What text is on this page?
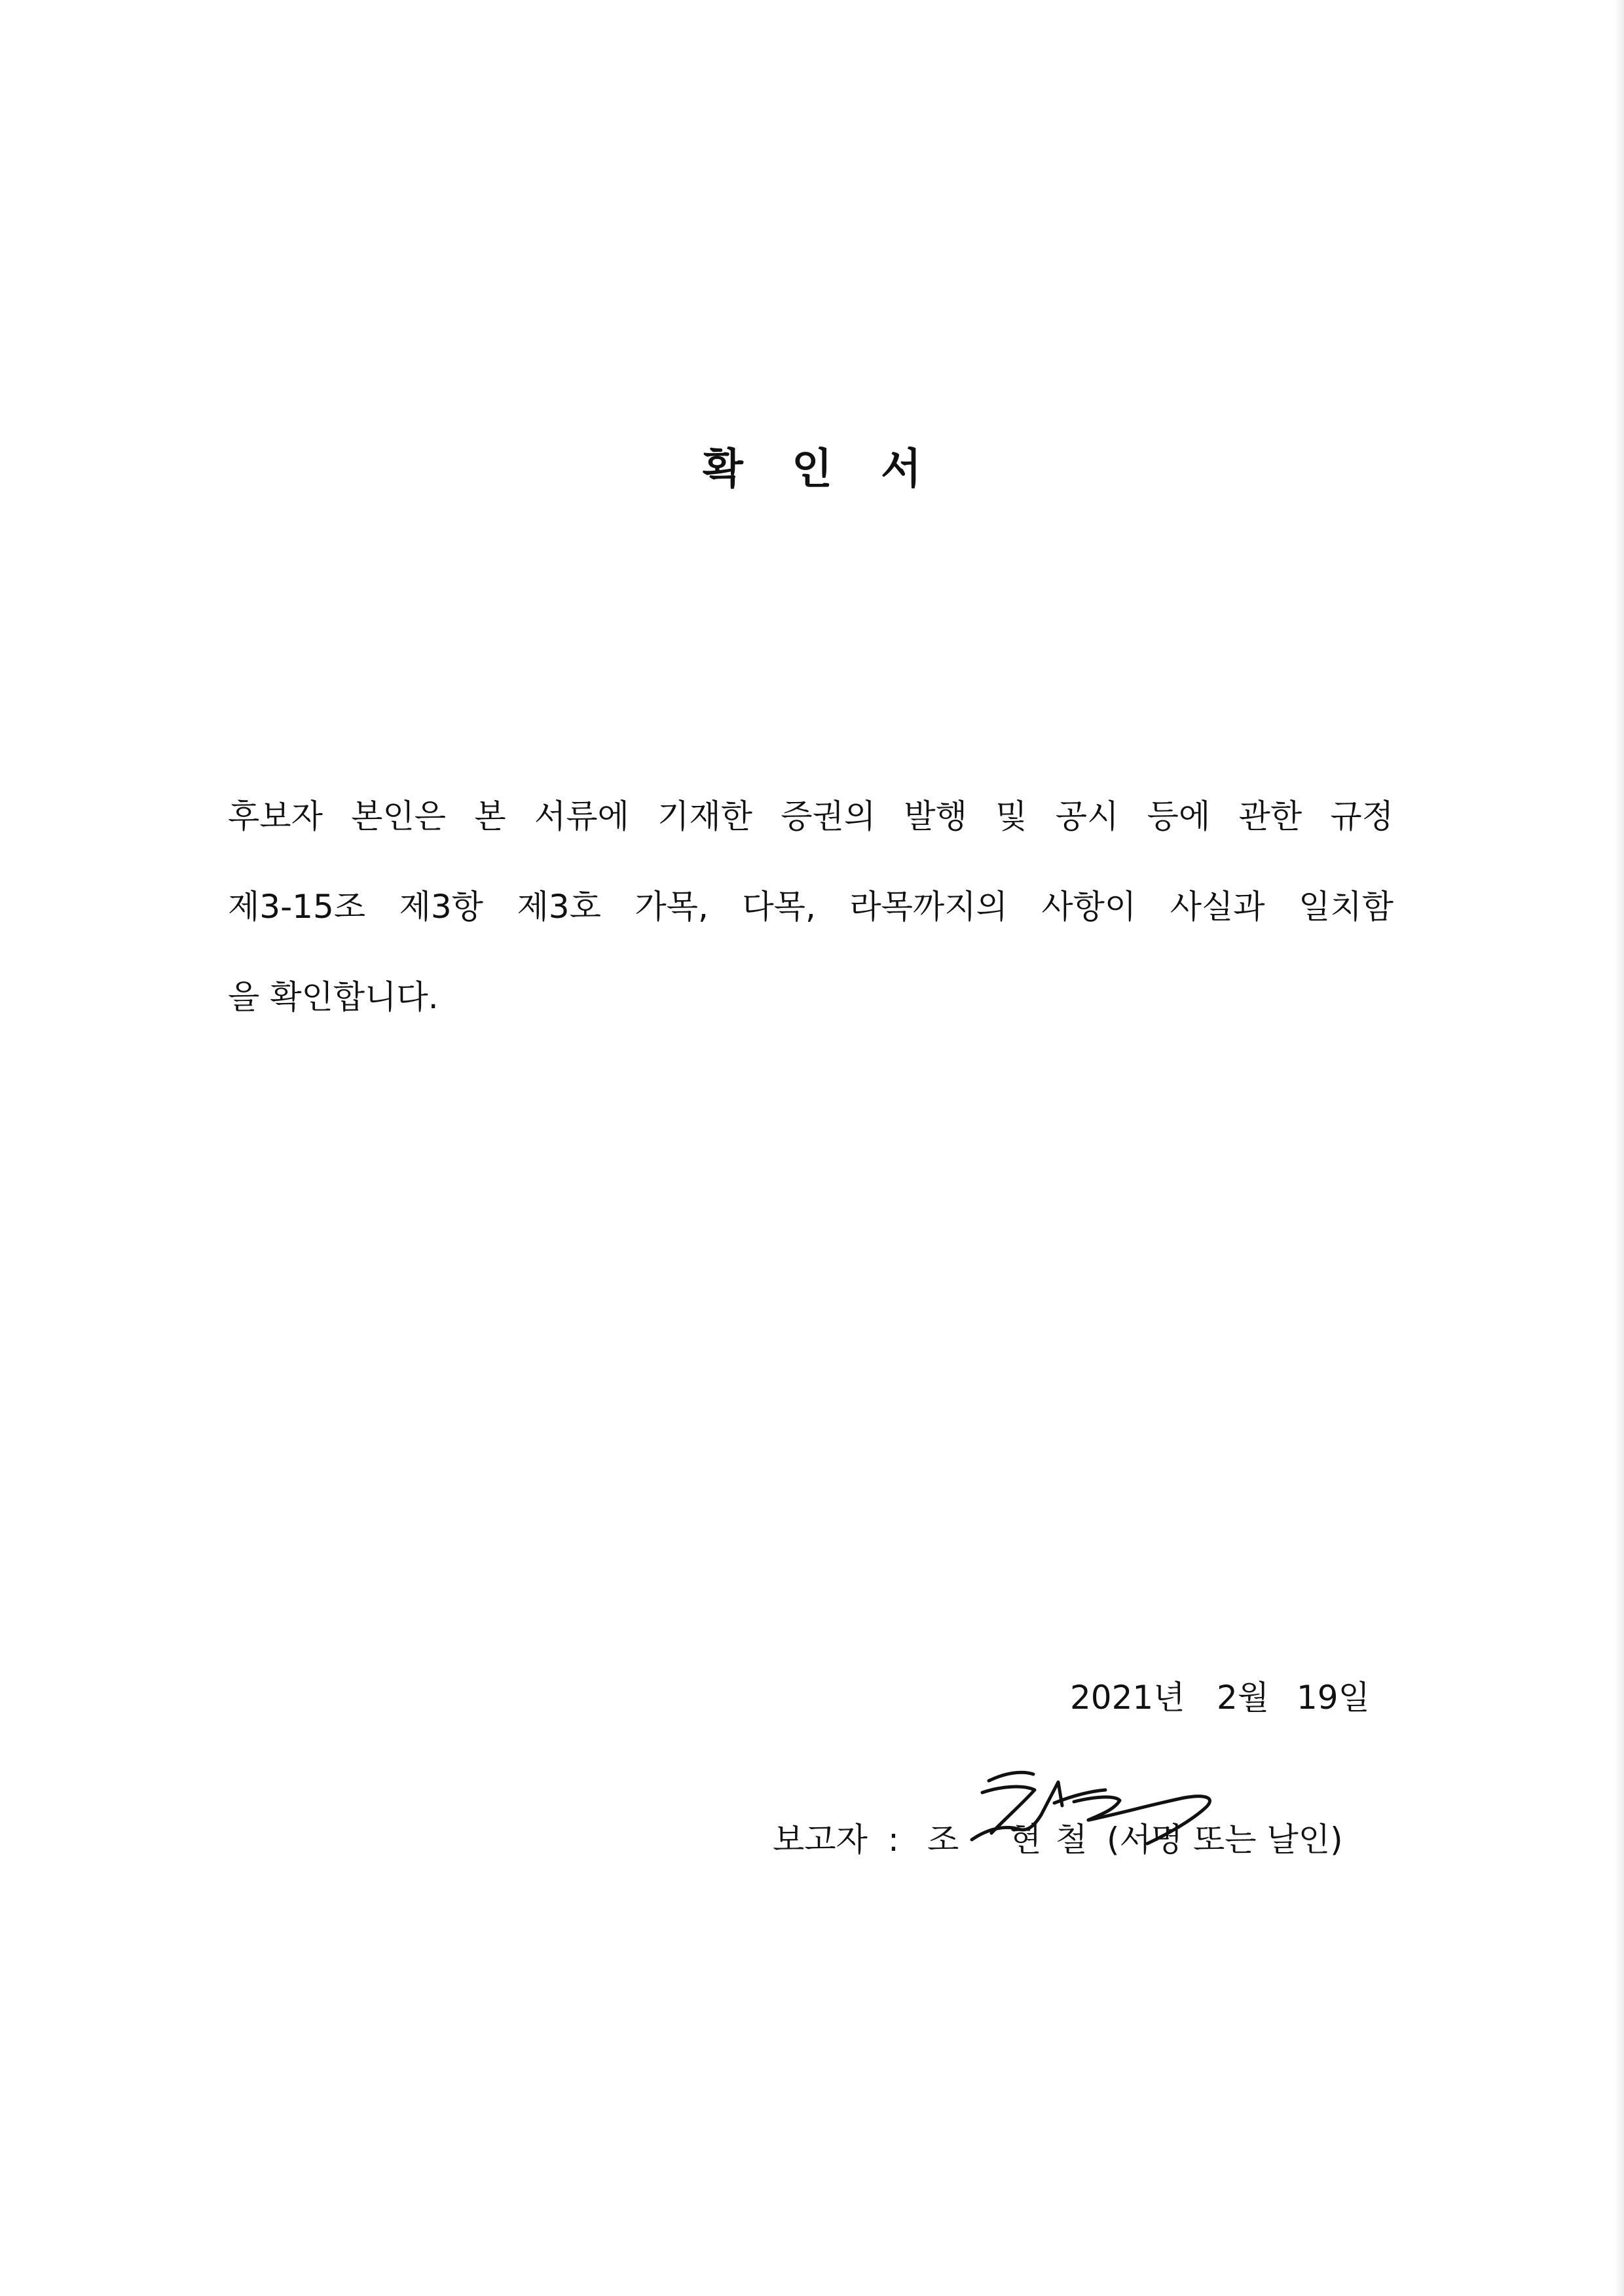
확 인 서
후보자 본인은 본 서류에 기재한 증권의 발행 및 공시 등에 관한 규정
제3-15조 제3항 제3호 가목, 다목, 라목까지의 사항이 사실과 일치함
을 확인합니다.
2021년 2월 19일
보고자 : 조 현 철 (서명 또는 날인)
